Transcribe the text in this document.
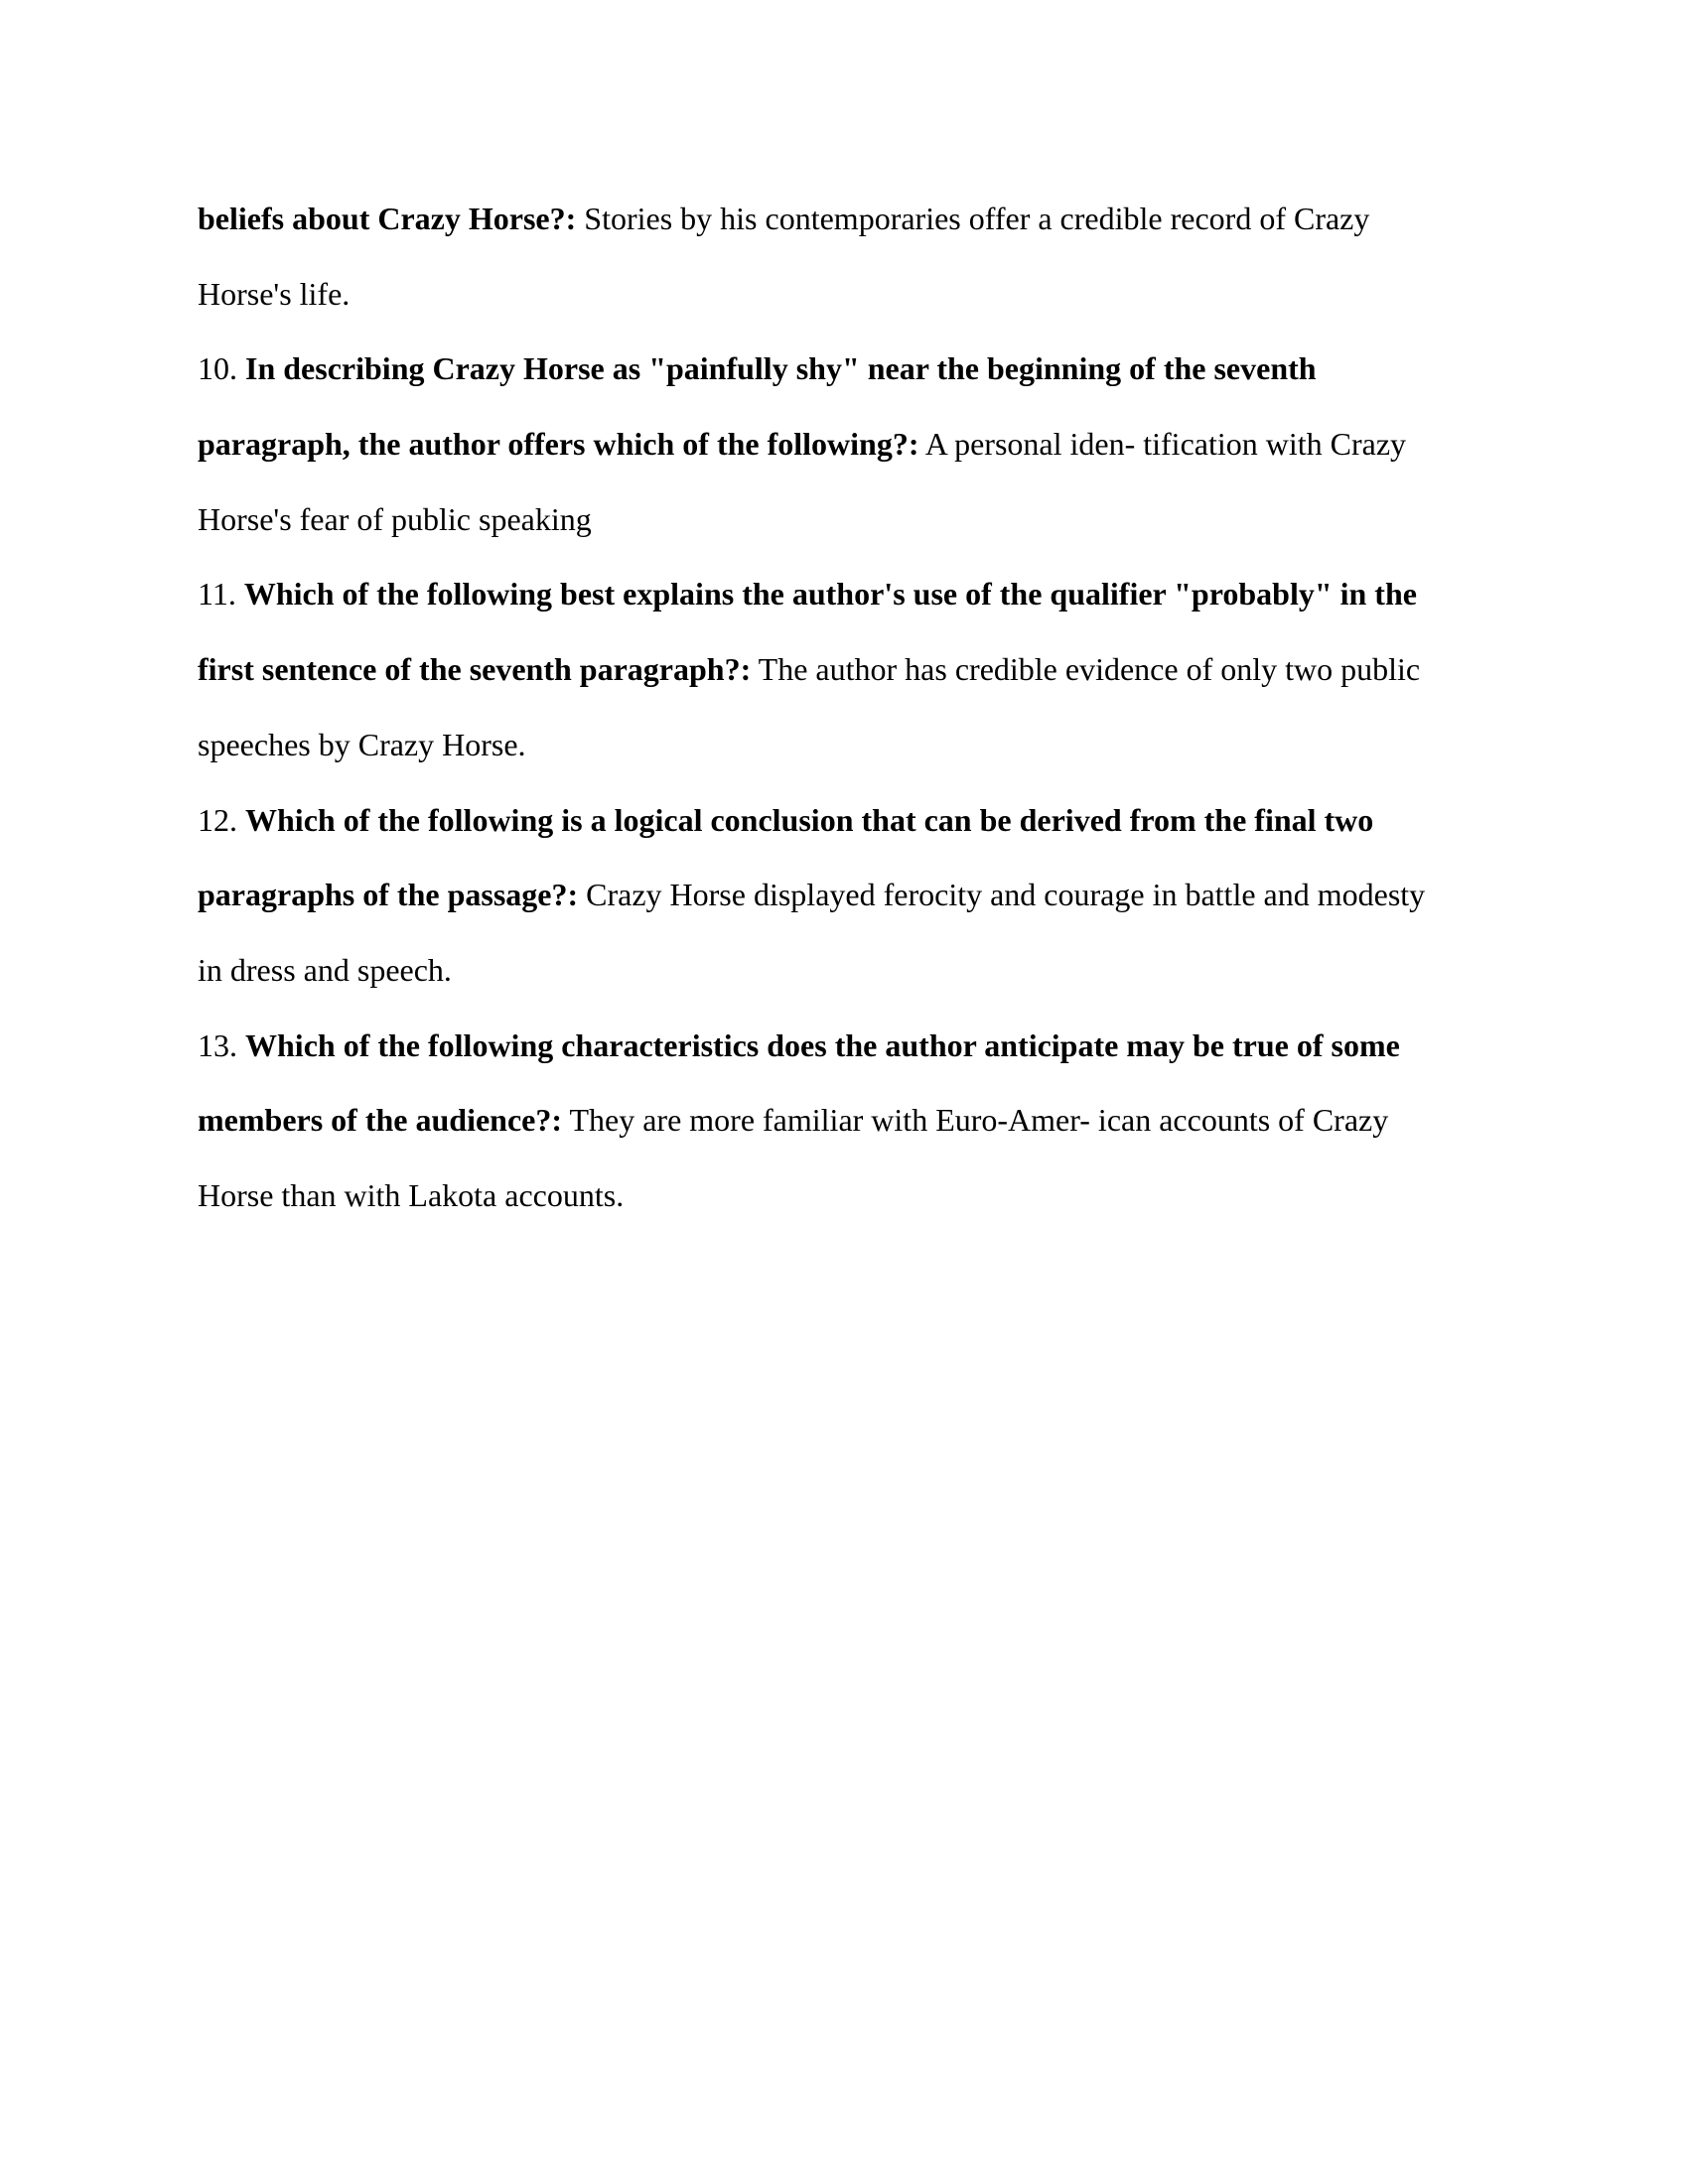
beliefs about Crazy Horse?: Stories by his contemporaries offer a credible record of Crazy
Horse's life.
10. In describing Crazy Horse as "painfully shy" near the beginning of the seventh
paragraph, the author offers which of the following?: A personal iden- tification with Crazy
Horse's fear of public speaking
11. Which of the following best explains the author's use of the qualifier "probably" in the
first sentence of the seventh paragraph?: The author has credible evidence of only two public
speeches by Crazy Horse.
12. Which of the following is a logical conclusion that can be derived from the final two
paragraphs of the passage?: Crazy Horse displayed ferocity and courage in battle and modesty
in dress and speech.
13. Which of the following characteristics does the author anticipate may be true of some
members of the audience?: They are more familiar with Euro-Amer- ican accounts of Crazy
Horse than with Lakota accounts.
